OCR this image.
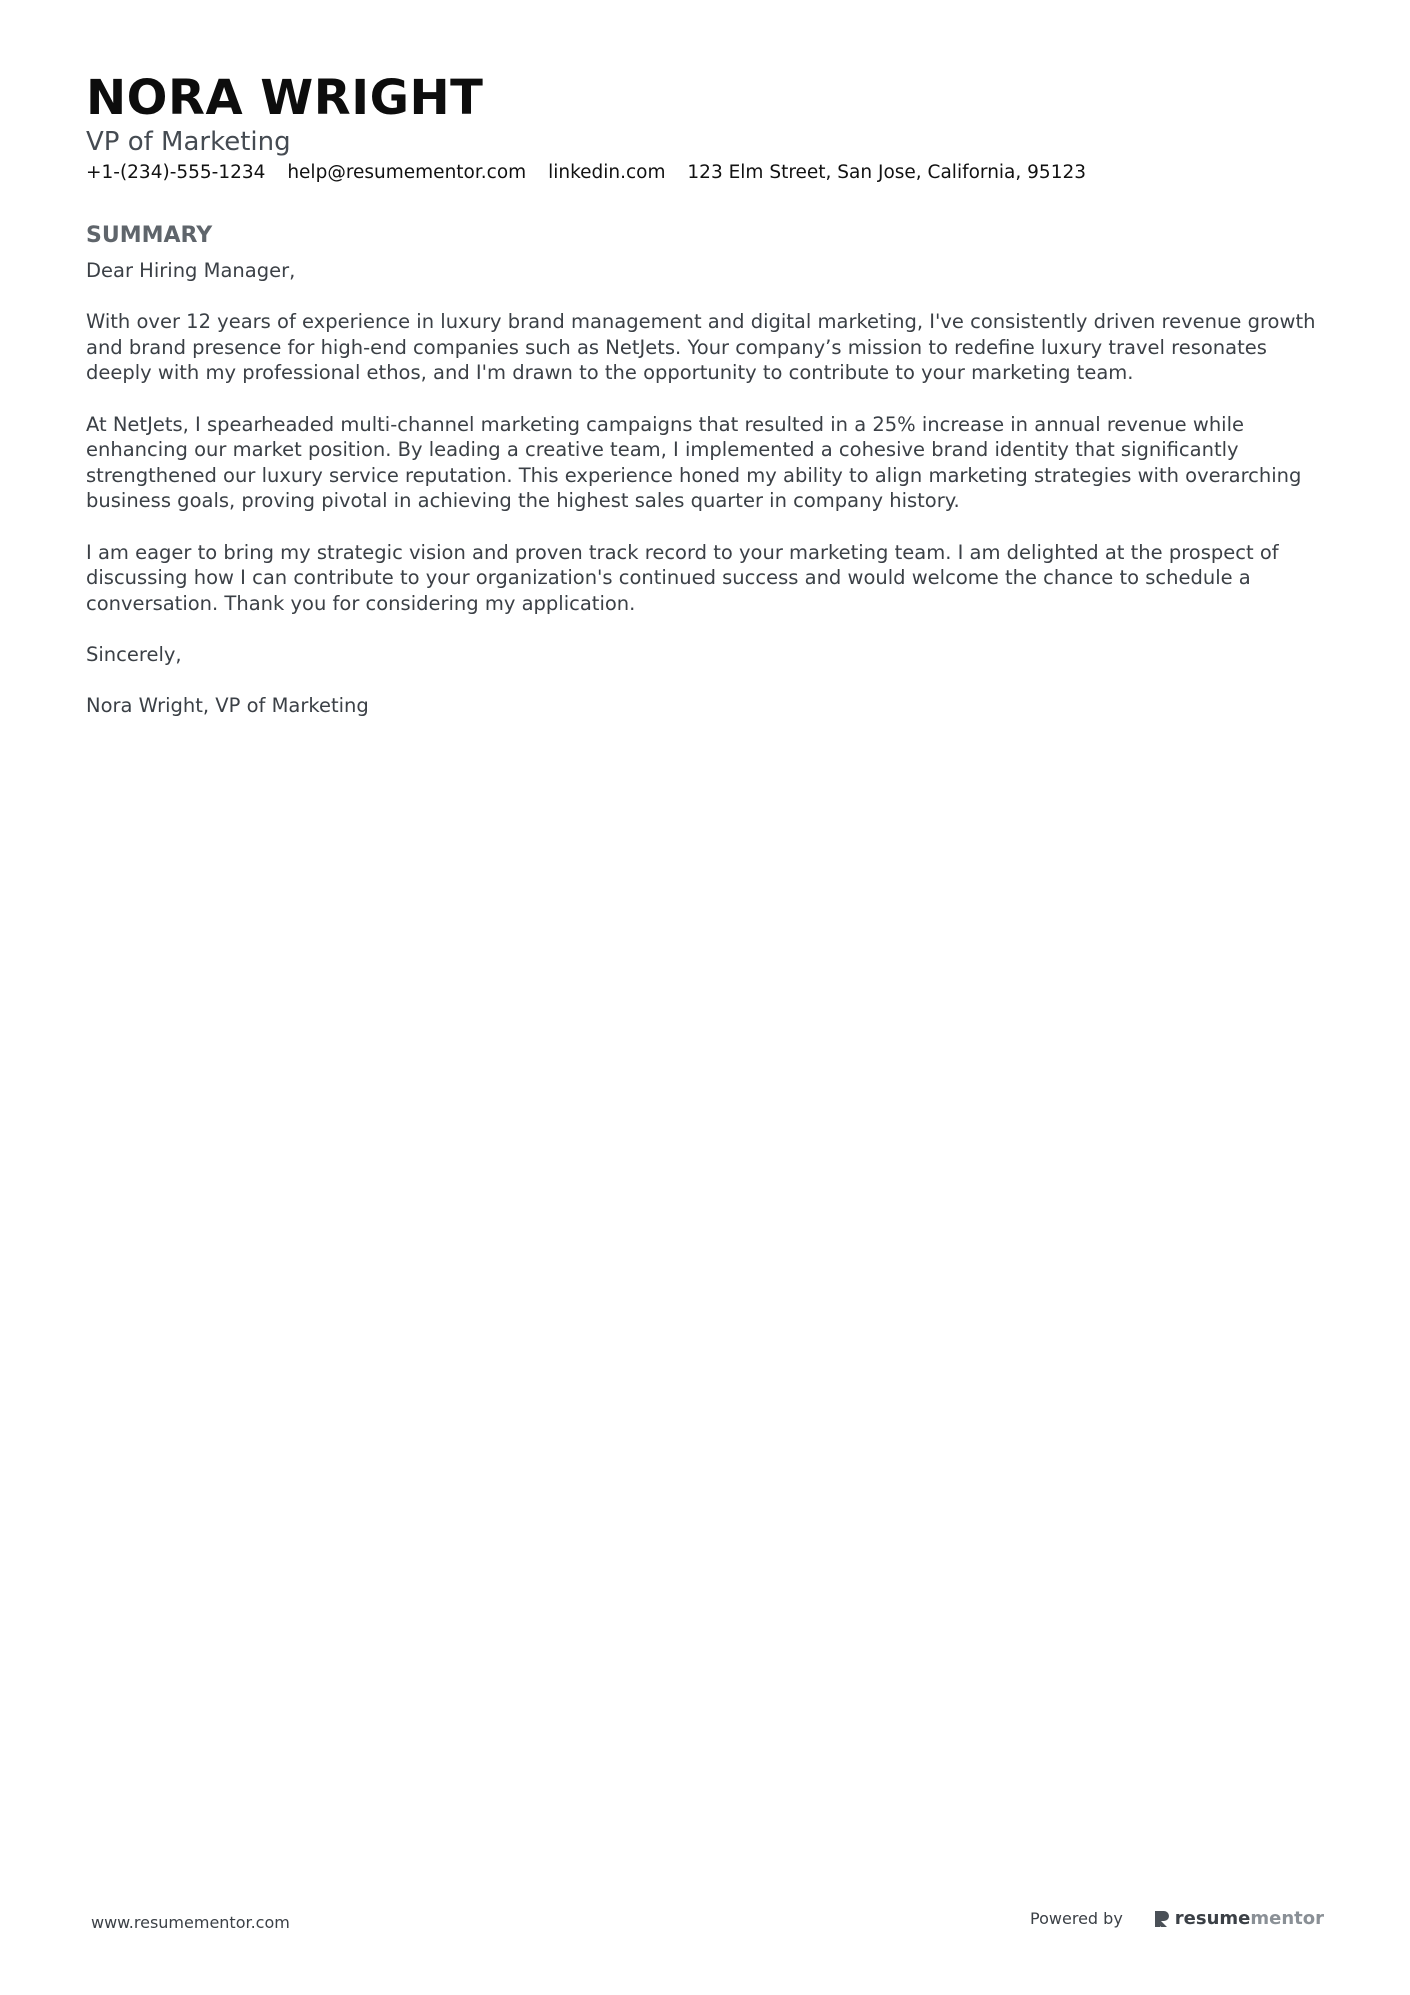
NORA WRIGHT
VP of Marketing
+1-(234)-555-1234 help@resumementor.com linkedin.com 123 Elm Street, San Jose, California, 95123
SUMMARY

Dear Hiring Manager,

With over 12 years of experience in luxury brand management and digital marketing, I've consistently driven revenue growth and brand presence for high-end companies such as NetJets. Your company’s mission to redefine luxury travel resonates deeply with my professional ethos, and I'm drawn to the opportunity to contribute to your marketing team.

At NetJets, I spearheaded multi-channel marketing campaigns that resulted in a 25% increase in annual revenue while enhancing our market position. By leading a creative team, I implemented a cohesive brand identity that significantly strengthened our luxury service reputation. This experience honed my ability to align marketing strategies with overarching business goals, proving pivotal in achieving the highest sales quarter in company history.

I am eager to bring my strategic vision and proven track record to your marketing team. I am delighted at the prospect of discussing how I can contribute to your organization's continued success and would welcome the chance to schedule a conversation. Thank you for considering my application.

Sincerely,

Nora Wright, VP of Marketing

www.resumementor.com	Powered by	resume mentor
